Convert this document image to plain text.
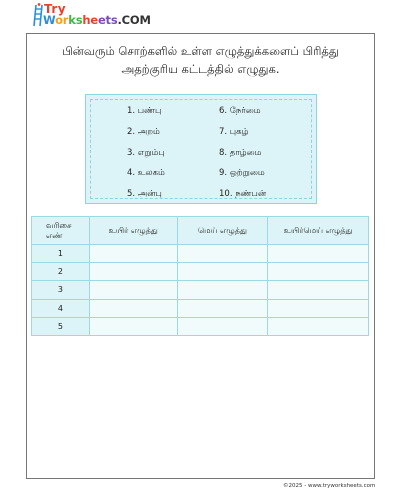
Try
Worksheets.COM
பின்வரும் சொற்களில் உள்ள எழுத்துக்களைப் பிரித்து
அதற்குரிய கட்டத்தில் எழுதுக.
1. பண்பு
2. அறம்
3. எறும்பு
4. உலகம்
5. அன்பு
6. நேர்மை
7. புகழ்
8. தாழ்மை
9. ஒற்றுமை
10. நண்பன்
வரிசை
எண்	உயிர் எழுத்து	மெய் எழுத்து	உயிர்மெய் எழுத்து
1			
2			
3			
4			
5			
©2025 - www.tryworksheets.com
